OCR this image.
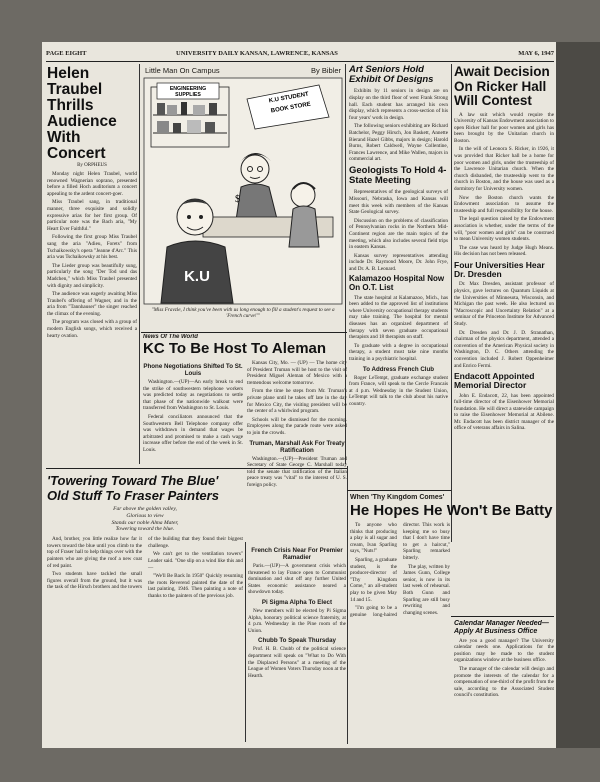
PAGE EIGHT	UNIVERSITY DAILY KANSAN, LAWRENCE, KANSAS	MAY 6, 1947
Helen Traubel Thrills Audience With Concert
By ORPHEUS

Monday night Helen Traubel, world renowned Wagnerian soprano, presented before a filled Hoch auditorium a concert appealing to the ardent concert-goer.

Miss Traubel sang, in traditional manner, three exquisite and solidly expressive arias for her first group. Of particular note was the Bach aria, "My Heart Ever Faithful."

Following the first group Miss Traubel sang the aria "Adieu, Forets" from Tschaikowsky's opera "Jeanne d'Arc." This aria was Tschaikowsky at his best.

The Lieder group was beautifully sung, particularly the song "Der Tod und das Madchen," which Miss Traubel presented with dignity and simplicity.

The audience was eagerly awaiting Miss Traubel's offering of Wagner, and in the aria from "Tannhauser" the singer reached the climax of the evening.

The program was closed with a group of modern English songs, which received a hearty ovation.

Little Man On Campus	By Bibler
ENGINEERING
SUPPLIES	K.U STUDENT
BOOK STORE
$
K.U
"Miss Fravzle, I think you've been with us long enough to fill a student's request to see a 'French curve!'"
Art Seniors Hold Exhibit Of Designs

Exhibits by 11 seniors in design are on display on the third floor of west Frank Strong hall. Each student has arranged his own display, which represents a cross-section of his four years' work in design.

The following seniors exhibiting are Richard Batchelor, Peggy Hirsch, Jon Baskett, Annette Bierand Hazel Gibbs, majors in design; Harold Burns, Robert Caldwell, Wayne Collentine, Frances Lawrence, and Mike Wallen, majors in commercial art.

Geologists To Hold 4-State Meeting

Representatives of the geological surveys of Missouri, Nebraska, Iowa and Kansas will meet this week with members of the Kansas State Geological survey.

Discussion on the problems of classification of Pennsylvanian rocks in the Northern Mid-Continent region are the main topics of the meeting, which also includes several field trips in eastern Kansas.

Kansas survey representatives attending include Dr. Raymond Moore, Dr. John Frye, and Dr. A. B. Leonard.

Kalamazoo Hospital Now On O.T. List

The state hospital at Kalamazoo, Mich., has been added to the approved list of institutions where University occupational therapy students may take training. The hospital for mental diseases has an organized department of therapy with seven graduate occupational therapists and 18 therapists on staff.

To graduate with a degree in occupational therapy, a student must take nine months training in a psychiatric hospital.

To Address French Club

Roger LeTempt, graduate exchange student from France, will speak to the Cercle Francais at 4 p.m. Wednesday in the Student Union, LeTempt will talk to the club about his native country.

Await Decision On Ricker Hall Will Contest

A law suit which would require the University of Kansas Endowment association to open Ricker hall for poor women and girls has been brought by the Unitarian church in Boston.

In the will of Leonora S. Ricker, in 1926, it was provided that Ricker hall be a home for poor women and girls, under the trusteeship of the Lawrence Unitarian church. When the church disbanded, the trusteeship went to the church in Boston, and the house was used as a dormitory for University women.

Now the Boston church wants the Endowment association to assume the trusteeship and full responsibility for the house.

The legal question raised by the Endowment association is whether, under the terms of the will, "poor women and girls" can be construed to mean University women students.

The case was heard by Judge Hugh Means. His decision has not been released.

Four Universities Hear Dr. Dresden

Dr. Max Dresden, assistant professor of physics, gave lectures on Quantum Liquids at the Universities of Minnesota, Wisconsin, and Michigan the past week. He also lectured on "Macroscopic and Uncertainty Relation" at a seminar of the Princeton Institute for Advanced Study.

Dr. Dresden and Dr. J. D. Stranathan, chairman of the physics department, attended a convention of the American Physical society in Washington, D. C. Others attending the convention included J. Robert Oppenheimer and Enrico Fermi.

Endacott Appointed Memorial Director

John E. Endacott, 22, has been appointed full-time director of the Eisenhower Memorial foundation. He will direct a statewide campaign to raise the Eisenhower Memorial at Abilene. Mr. Endacott has been district manager of the office of veterans affairs in Salina.

News Of The World
KC To Be Host To Aleman
Phone Negotiations Shifted To St. Louis

Washington.—(UP)—An early break to end the strike of southwestern telephone workers was predicted today as negotiations to settle that phase of the nationwide walkout were transferred from Washington to St. Louis.

Federal conciliators announced that the Southwestern Bell Telephone company offer was withdrawn in demand that wages be arbitrated and promised to make a cash wage increase offer before the end of the week in St. Louis.

Kansas City, Mo. — (UP) — The home city of President Truman will be host to the visit of President Miguel Aleman of Mexico with a tremendous welcome tomorrow.

From the time he steps from Mr. Truman's private plane until he takes off late in the day for Mexico City, the visiting president will be the center of a whirlwind program.

Schools will be dismissed for the morning. Employees along the parade route were asked to join the crowds.

Truman, Marshall Ask For Treaty Ratification

Washington.—(UP)—President Truman and Secretary of State George C. Marshall today told the senate that ratification of the Italian peace treaty was "vital" to the interest of U. S. foreign policy.

'Towering Toward The Blue' Old Stuff To Fraser Painters
Far above the golden valley,
Glorious to view
Stands our noble Alma Mater,
Towering toward the blue.

And, brother, you little realize how far it towers toward the blue until you climb to the top of Fraser hall to help things over with the painters who are giving the roof a new coat of red paint.

Two students have tackled the small figures overall from the ground, but it was the task of the Hirsch brothers and the towers of the building that they found their biggest challenge.

We can't get to the ventilation towers" Leader said. "One slip on a wind like this and —

"We'll Be Back In 1950" Quickly resuming the roots Reverend painted the date of the last painting, 1946. Then painting a note of thanks to the painters of the previous job.

French Crisis Near For Premier Ramadier

Paris.—(UP)—A government crisis which threatened to lay France open to Communist domination and shut off any further United States economic assistance neared a showdown today.

Pi Sigma Alpha To Elect

New members will be elected by Pi Sigma Alpha, honorary political science fraternity, at 4 p.m. Wednesday in the Pine room of the Union.

Chubb To Speak Thursday

Prof. H. B. Chubb of the political science department will speak on "What to Do With the Displaced Persons" at a meeting of the League of Women Voters Thursday noon at the Hearth.

When 'Thy Kingdom Comes'
He Hopes He Won't Be Batty

To anyone who thinks that producing a play is all sugar and cream, Ivan Sparling says, "Nuts!"

Sparling, a graduate student, is the producer-director of "Thy Kingdom Come," an all-student play to be given May 14 and 15.

"I'm going to be a genuine long-haired director. This work is keeping me so busy that I don't have time to get a haircut," Sparling remarked bitterly.

The play, written by James Gunn, College senior, is now in its last week of rehearsal. Both Gunn and Sparling are still busy rewriting and changing scenes.

Calendar Manager Needed—Apply At Business Office

Are you a good manager? The University calendar needs one. Applications for the position may be made to the student organizations window at the business office.

The manager of the calendar will design and promote the interests of the calendar for a compensation of one-third of the profit from the sale, according to the Associated Student council's constitution.
